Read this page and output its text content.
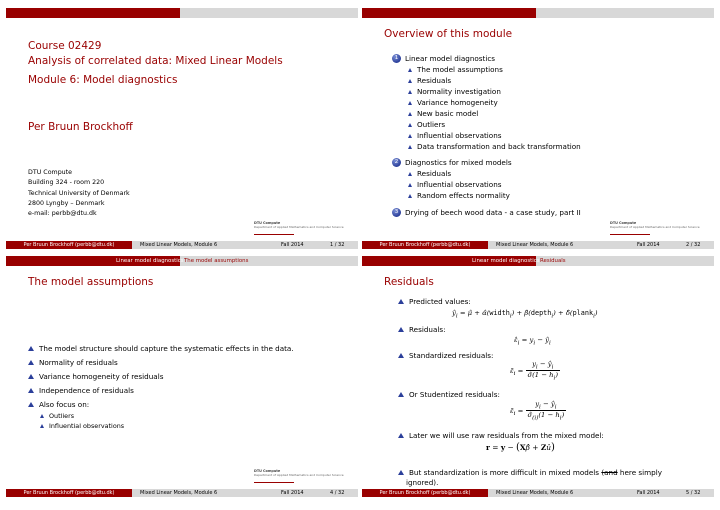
Course 02429
Analysis of correlated data: Mixed Linear Models
Module 6: Model diagnostics
Per Bruun Brockhoff
DTU Compute
Building 324 - room 220
Technical University of Denmark
2800 Lyngby – Denmark
e-mail: perbb@dtu.dk
DTU Compute
Department of Applied Mathematics and Computer Science
Per Bruun Brockhoff (perbb@dtu.dk)	Mixed Linear Models, Module 6	Fall 2014	1 / 32
Overview of this module
1 Linear model diagnostics
The model assumptions
Residuals
Normality investigation
Variance homogeneity
New basic model
Outliers
Influential observations
Data transformation and back transformation
2 Diagnostics for mixed models
Residuals
Influential observations
Random effects normality
3 Drying of beech wood data - a case study, part II
DTU Compute
Department of Applied Mathematics and Computer Science
Per Bruun Brockhoff (perbb@dtu.dk)	Mixed Linear Models, Module 6	Fall 2014	2 / 32
Linear model diagnostics The model assumptions
The model assumptions
The model structure should capture the systematic effects in the data.
Normality of residuals
Variance homogeneity of residuals
Independence of residuals
Also focus on:
Outliers
Influential observations
DTU Compute
Department of Applied Mathematics and Computer Science
Per Bruun Brockhoff (perbb@dtu.dk)	Mixed Linear Models, Module 6	Fall 2014	4 / 32
Linear model diagnostics Residuals
Residuals
Predicted values:
$ŷ_i$ = μ̂ + α̂(width$_i$) + β̂(depth$_i$) + δ̂(plank$_i$)
Residuals:
$\varepsilon̂_i = y_i$ − $ŷ_i$
Standardized residuals:
$\varepsiloñ_i = \frac{y_i - ŷ_i}{\sigmâ(1 - h_i)}$
Or Studentized residuals:
$\varepsiloñ_i = \frac{y_i - ŷ_i}{\sigmâ_{(i)}(1 - h_i)}$
Later we will use raw residuals from the mixed model:
r = y − (Xβ̂ + Zû)
But standardization is more difficult in mixed models (and here simply
ignored).
Per Bruun Brockhoff (perbb@dtu.dk)	Mixed Linear Models, Module 6	Fall 2014	5 / 32
